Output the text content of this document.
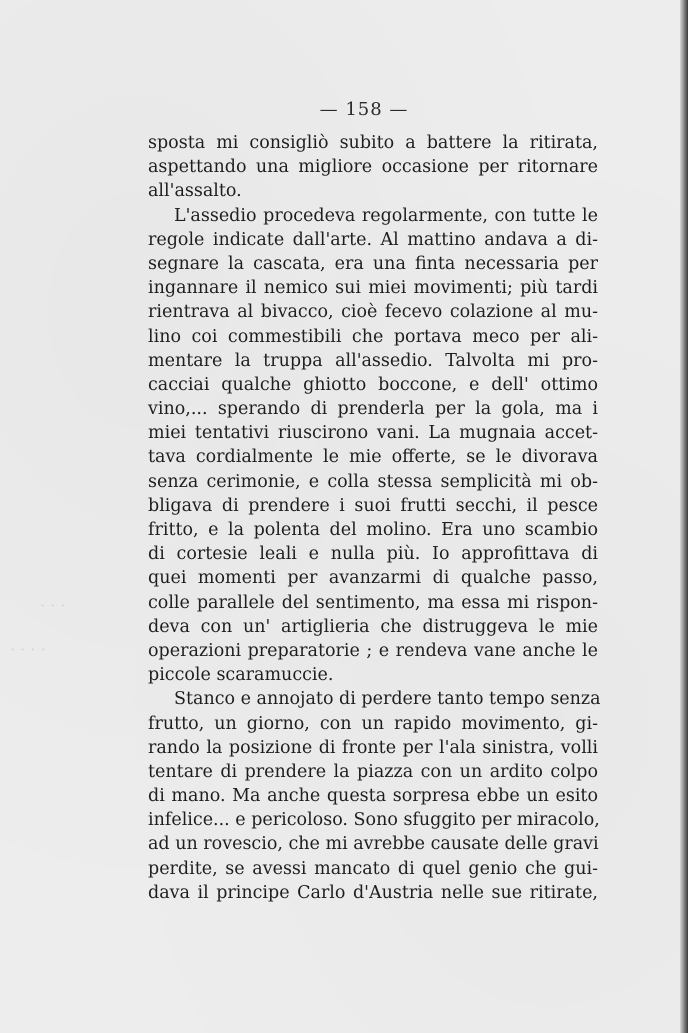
· · ·
· · · ·
— 158 —
sposta mi consigliò subito a battere la ritirata,
aspettando una migliore occasione per ritornare
all'assalto.
L'assedio procedeva regolarmente, con tutte le
regole indicate dall'arte. Al mattino andava a di-
segnare la cascata, era una finta necessaria per
ingannare il nemico sui miei movimenti; più tardi
rientrava al bivacco, cioè fecevo colazione al mu-
lino coi commestibili che portava meco per ali-
mentare la truppa all'assedio. Talvolta mi pro-
cacciai qualche ghiotto boccone, e dell' ottimo
vino,... sperando di prenderla per la gola, ma i
miei tentativi riuscirono vani. La mugnaia accet-
tava cordialmente le mie offerte, se le divorava
senza cerimonie, e colla stessa semplicità mi ob-
bligava di prendere i suoi frutti secchi, il pesce
fritto, e la polenta del molino. Era uno scambio
di cortesie leali e nulla più. Io approfittava di
quei momenti per avanzarmi di qualche passo,
colle parallele del sentimento, ma essa mi rispon-
deva con un' artiglieria che distruggeva le mie
operazioni preparatorie ; e rendeva vane anche le
piccole scaramuccie.
Stanco e annojato di perdere tanto tempo senza
frutto, un giorno, con un rapido movimento, gi-
rando la posizione di fronte per l'ala sinistra, volli
tentare di prendere la piazza con un ardito colpo
di mano. Ma anche questa sorpresa ebbe un esito
infelice... e pericoloso. Sono sfuggito per miracolo,
ad un rovescio, che mi avrebbe causate delle gravi
perdite, se avessi mancato di quel genio che gui-
dava il principe Carlo d'Austria nelle sue ritirate,
